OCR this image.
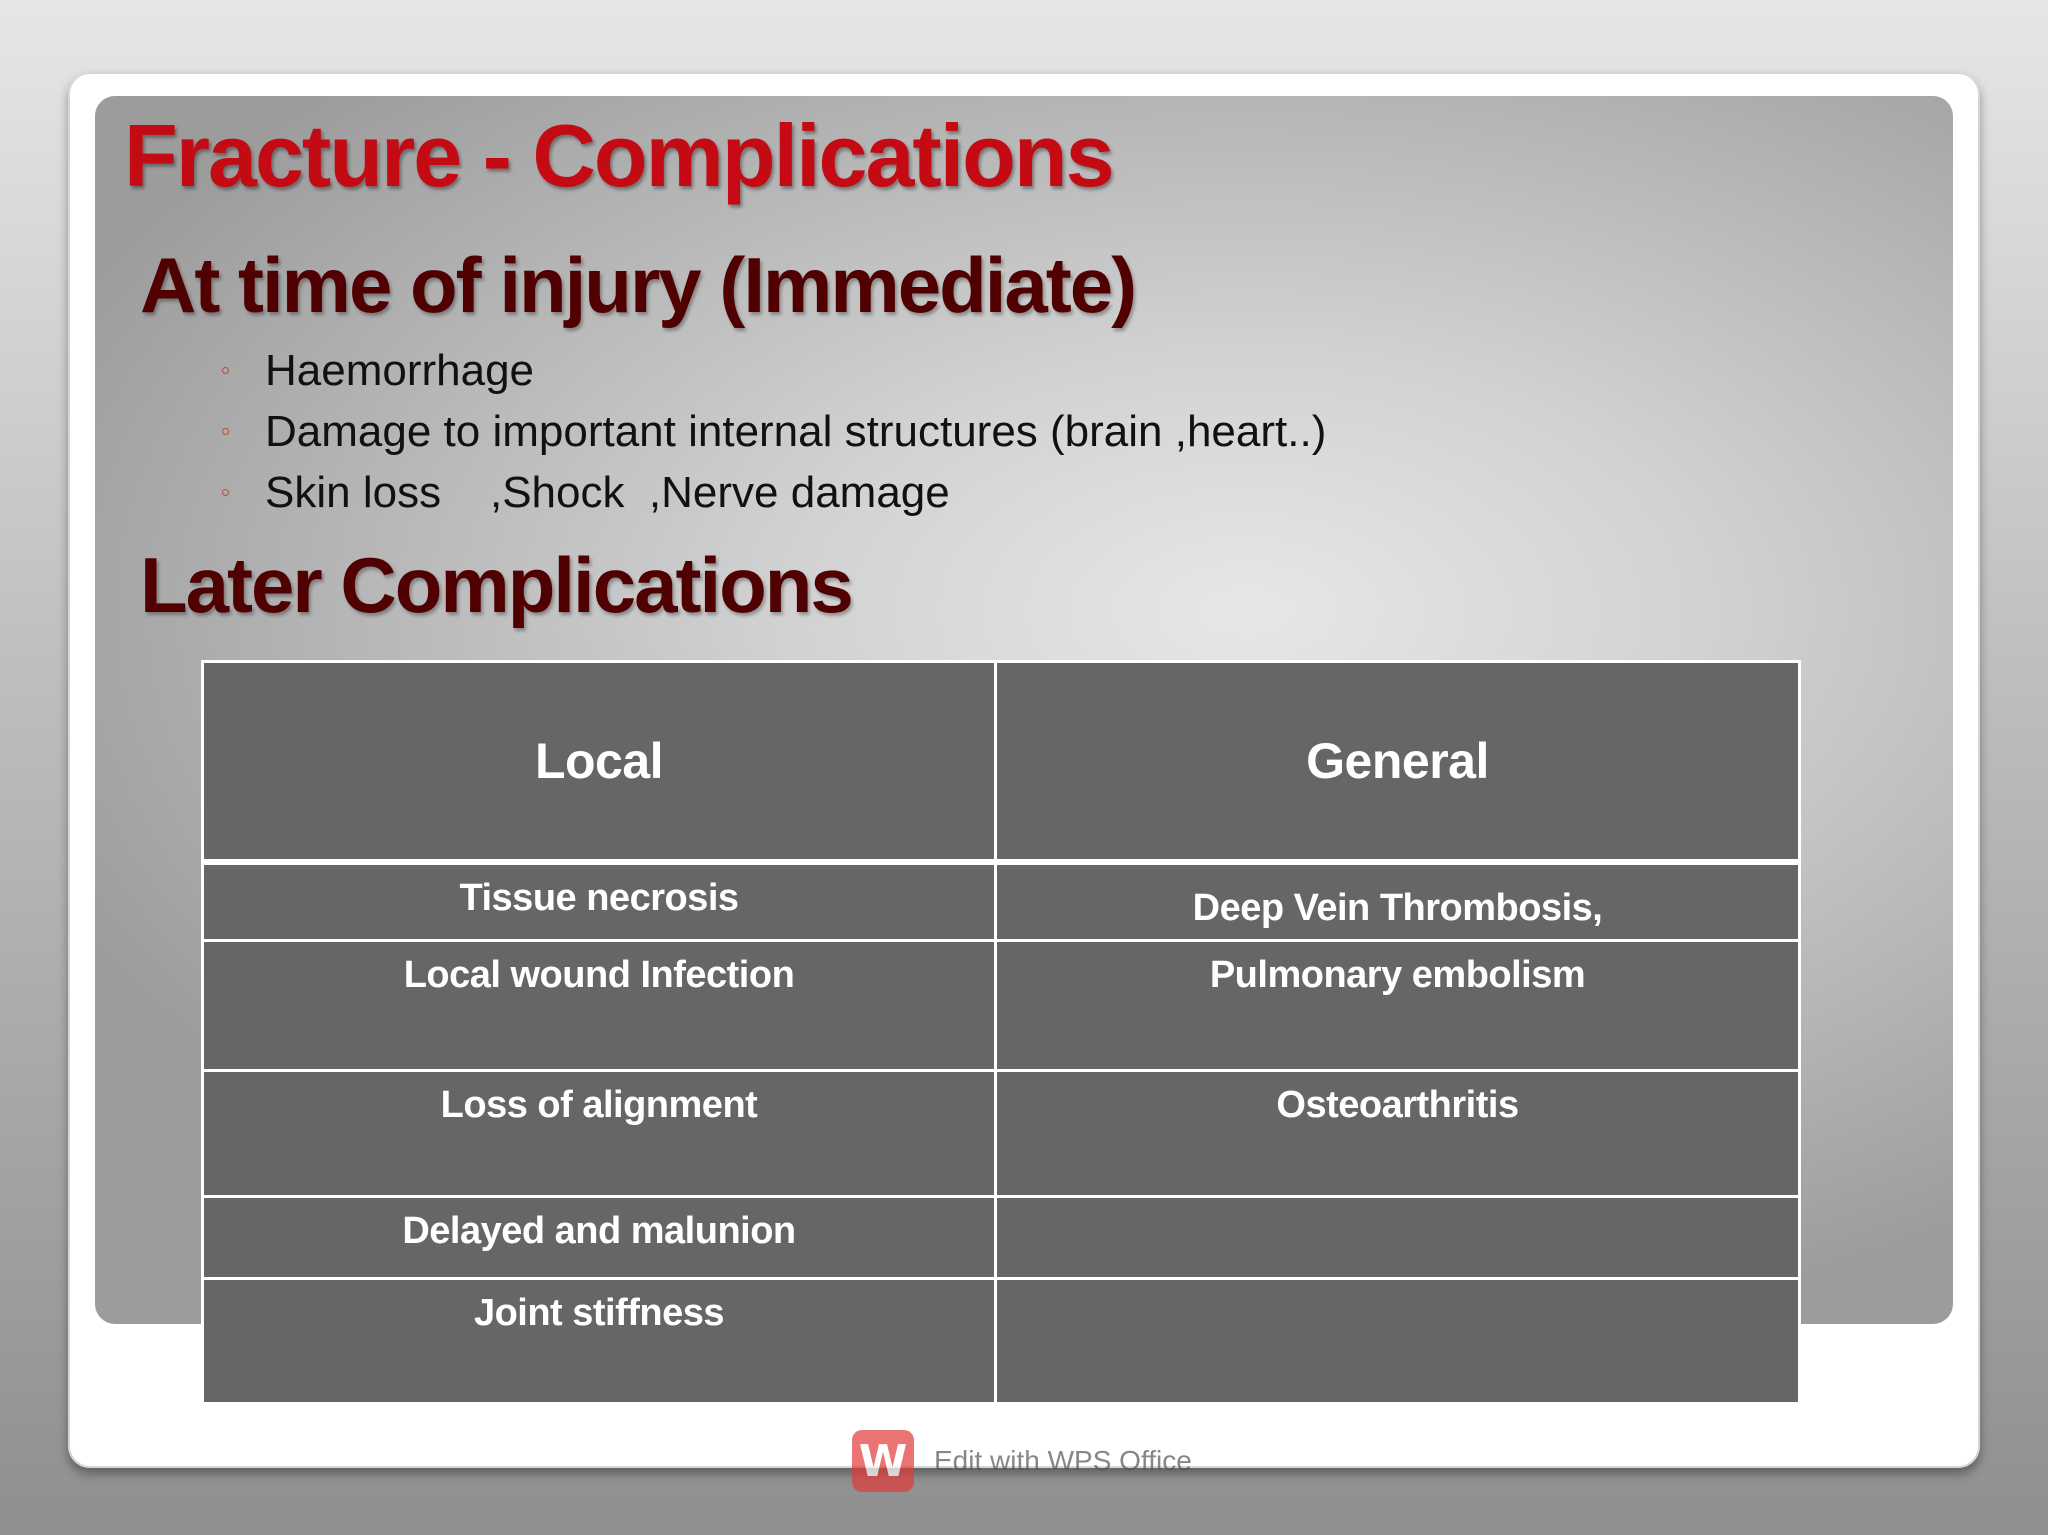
Fracture - Complications
At time of injury (Immediate)
Haemorrhage
Damage to important internal structures (brain ,heart..)
Skin loss    ,Shock  ,Nerve damage
Later Complications
Local	General
Tissue necrosis	Deep Vein Thrombosis,
Local wound Infection	Pulmonary embolism
Loss of alignment	Osteoarthritis
Delayed and malunion	
Joint stiffness	
W Edit with WPS Office
